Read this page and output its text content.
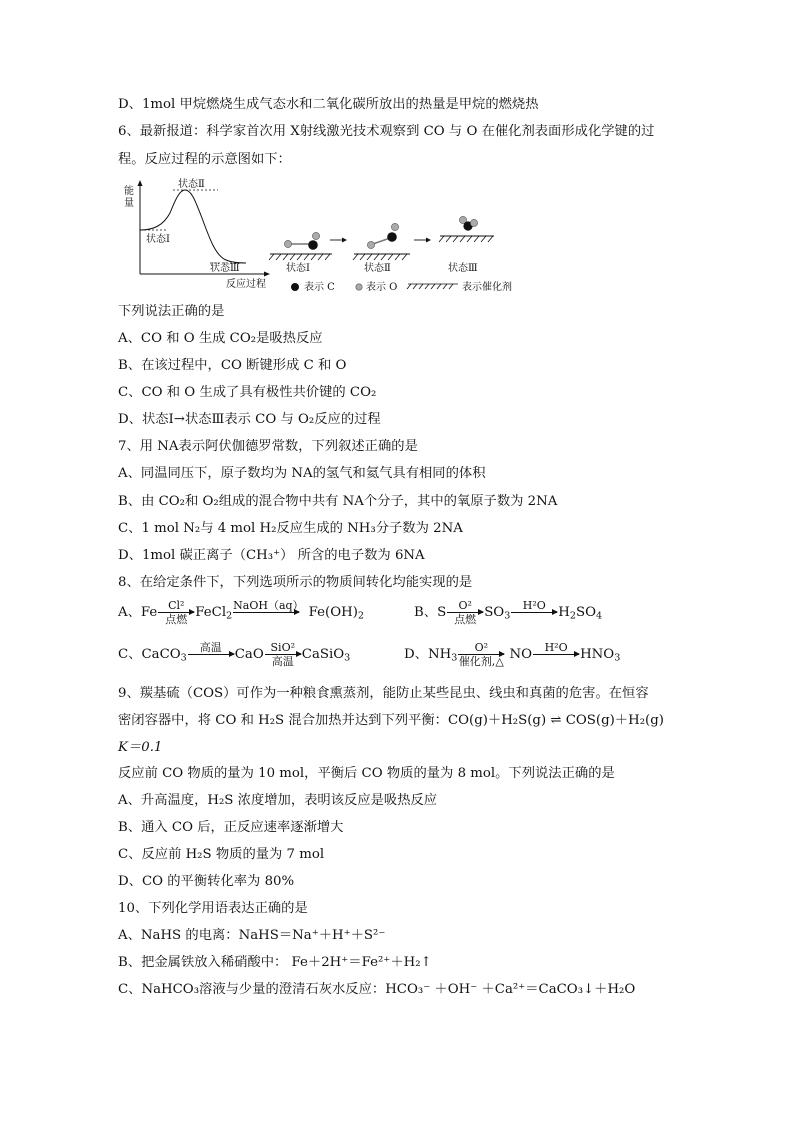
D、1mol 甲烷燃烧生成气态水和二氧化碳所放出的热量是甲烷的燃烧热
6、最新报道：科学家首次用 X射线激光技术观察到 CO 与 O 在催化剂表面形成化学键的过
程。反应过程的示意图如下：
能
量
状态Ⅰ
状态Ⅱ
状态Ⅲ
反应过程
状态Ⅰ	状态Ⅱ	状态Ⅲ
表示 C	表示 O	表示催化剂
下列说法正确的是
A、CO 和 O 生成 CO₂是吸热反应
B、在该过程中，CO 断键形成 C 和 O
C、CO 和 O 生成了具有极性共价键的 CO₂
D、状态Ⅰ→状态Ⅲ表示 CO 与 O₂反应的过程
7、用 NA表示阿伏伽德罗常数，下列叙述正确的是
A、同温同压下，原子数均为 NA的氢气和氦气具有相同的体积
B、由 CO₂和 O₂组成的混合物中共有 NA个分子，其中的氧原子数为 2NA
C、1 mol N₂与 4 mol H₂反应生成的 NH₃分子数为 2NA
D、1mol 碳正离子（CH₃⁺） 所含的电子数为 6NA
8、在给定条件下，下列选项所示的物质间转化均能实现的是
A、Fe Cl²
点燃 FeCl$_2$
NaOH（aq）
$Fe(OH)_2$	B、S	O²
点燃 $SO_3$
H²O
$H_2SO_4$
C、CaCO$_3$
高温
CaO SiO²
高温 CaSiO$_3$	D、$NH_3$
O²
催化剂,△ NO	H²O
$HNO_3$
9、羰基硫（COS）可作为一种粮食熏蒸剂，能防止某些昆虫、线虫和真菌的危害。在恒容
密闭容器中，将 CO 和 H₂S 混合加热并达到下列平衡：CO(g)＋H₂S(g) ⇌ COS(g)＋H₂(g)
K＝0.1
反应前 CO 物质的量为 10 mol，平衡后 CO 物质的量为 8 mol。下列说法正确的是
A、升高温度，H₂S 浓度增加，表明该反应是吸热反应
B、通入 CO 后，正反应速率逐渐增大
C、反应前 H₂S 物质的量为 7 mol
D、CO 的平衡转化率为 80%
10、下列化学用语表达正确的是
A、NaHS 的电离：NaHS＝Na⁺＋H⁺＋S²⁻
B、把金属铁放入稀硝酸中： Fe＋2H⁺＝Fe²⁺＋H₂↑
C、NaHCO₃溶液与少量的澄清石灰水反应：HCO₃⁻ ＋OH⁻ ＋Ca²⁺＝CaCO₃↓＋H₂O
